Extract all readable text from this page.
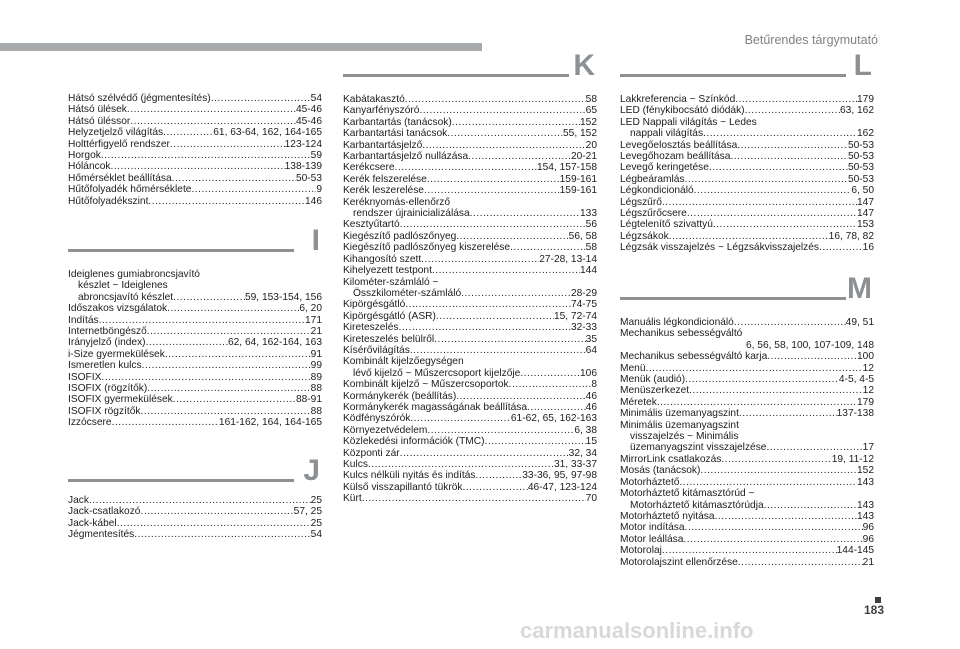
Betűrendes tárgymutató
Hátsó szélvédő (jégmentesítés) .....	54
Hátsó ülések .....	45-46
Hátsó ülés​sor .....	45-46
Helyzetjelző világítás .....	61, 63-64, 162, 164-165
Holttérfigyelő rendszer .....	123-124
Horgok .....	59
Hóláncok .....	138-139
Hőmérséklet beállítása .....	50-53
Hűtőfolyadék hőmérséklete .....	9
Hűtőfolyadékszint .....	146
I
Ideiglenes gumiabroncsjavító
készlet ~ Ideiglenes
abroncsjavító készlet .....	59, 153-154, 156
Időszakos vizsgálatok .....	6, 20
Indítás .....	171
Internetböngésző .....	21
Irányjelző (index) .....	62, 64, 162-164, 163
i-Size gyermekülések .....	91
Ismeretlen kulcs .....	99
ISOFIX .....	89
ISOFIX (rögzítők) .....	88
ISOFIX gyermekülések .....	88-91
ISOFIX rögzítők .....	88
Izzócsere .....	161-162, 164, 164-165
J
Jack .....	25
Jack-csatlakozó .....	57, 25
Jack-kábel .....	25
Jégmentesítés .....	54
K
Kabátakasztó .....	58
Kanyarfényszóró .....	65
Karbantartás (tanácsok) .....	152
Karbantartási tanácsok .....	55, 152
Karbantartásjelző .....	20
Karbantartásjelző nullázása .....	20-21
Kerékcsere .....	154, 157-158
Kerék felszerelése .....	159-161
Kerék leszerelése .....	159-161
Keréknyomás-ellenőrző
rendszer újrainicializálása .....	133
Kesztyűtartó .....	56
Kiegészítő padlószőnyeg .....	56, 58
Kiegészítő padlószőnyeg kiszerelése .....	58
Kihangosító szett .....	27-28, 13-14
Kihelyezett testpont .....	144
Kilométer-számláló ~
Összkilométer-számláló .....	28-29
Kipörgésgátló .....	74-75
Kipörgésgátló (ASR) .....	15, 72-74
Kireteszelés .....	32-33
Kireteszelés belülről .....	35
Kísérővilágítás .....	64
Kombinált kijelzőegységen
lévő kijelző ~ Műszercsoport kijelzője .....	106
Kombinált kijelző ~ Műszercsoportok .....	8
Kormánykerék (beállítás) .....	46
Kormánykerék magasságának beállítása .....	46
Ködfényszórók .....	61-62, 65, 162-163
Környezetvédelem .....	6, 38
Közlekedési információk (TMC) .....	15
Központi zár .....	32, 34
Kulcs .....	31, 33-37
Kulcs nélküli nyitás és indítás .....	33-36, 95, 97-98
Külső visszapillantó tükrök .....	46-47, 123-124
Kürt .....	70
L
Lakkreferencia ~ Színkód .....	179
LED (fénykibocsátó diódák) .....	63, 162
LED Nappali világítás ~ Ledes
nappali világítás .....	162
Levegőelosztás beállítása .....	50-53
Levegőhozam beállítása .....	50-53
Levegő keringetése .....	50-53
Légbeáramlás .....	50-53
Légkondicionáló .....	6, 50
Légszűrő .....	147
Légszűrőcsere .....	147
Légtelenítő szivattyú .....	153
Légzsákok .....	16, 78, 82
Légzsák visszajelzés ~ Légzsákvisszajelzés .....	16
M
Manuális légkondicionáló .....	49, 51
Mechanikus sebességváltó
6, 56, 58, 100, 107-109, 148
Mechanikus sebességváltó karja .....	100
Menü .....	12
Menük (audió) .....	4-5, 4-5
Menüszerkezet .....	12
Méretek .....	179
Minimális üzemanyagszint .....	137-138
Minimális üzemanyagszint
visszajelzés ~ Minimális
üzemanyagszint visszajelzése .....	17
MirrorLink csatlakozás .....	19, 11-12
Mosás (tanácsok) .....	152
Motorháztető .....	143
Motorháztető kitámasztórúd ~
Motorháztető kitámasztórúdja .....	143
Motorháztető nyitása .....	143
Motor indítása .....	96
Motor leállása .....	96
Motorolaj .....	144-145
Motorolajszint ellenőrzése .....	21
183
carmanualsonline.info
